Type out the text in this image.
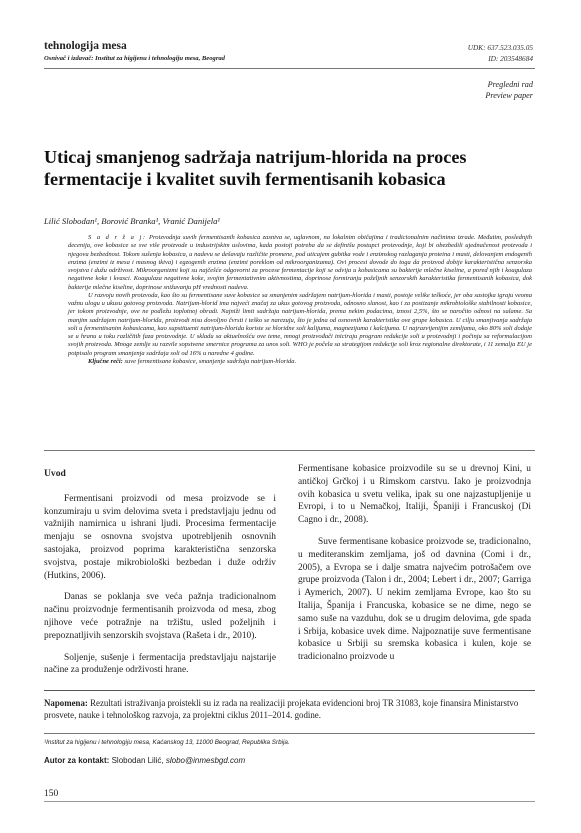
tehnologija mesa
Osnivač i izdavač: Institut za higijenu i tehnologiju mesa, Beograd
UDK: 637.523.035.05
ID: 203548684
Pregledni rad
Preview paper
Uticaj smanjenog sadržaja natrijum-hlorida na proces fermentacije i kvalitet suvih fermentisanih kobasica
Lilić Slobodan¹, Borović Branka¹, Vranić Danijela¹

S a d r ž a j: Proizvodnja suvih fermentisanih kobasica zasniva se, uglavnom, na lokalnim običajima i tradicionalnim načinima izrade. Međutim, poslednjih decenija, ove kobasice se sve više proizvode u industrijskim uslovima, kada postoji potreba da se definišu postupci proizvodnje, koji bi obezbedili ujednačenost proizvoda i njegovu bezbednost. Tokom sušenja kobasica, u nadevu se dešavaju različite promene, pod uticajem gubitka vode i enzimskog razlaganja proteina i masti, delovanjem endogenih enzima (enzimi iz mesa i masnog tkiva) i egzogenih enzima (enzimi poreklom od mikroorganizama). Ovi procesi dovode do toga da proizvod dobije karakteristična senzorska svojstva i dužu održivost. Mikroorganizmi koji su najčešće odgovorni za procese fermentacije koji se odvija u kobasicama su bakterije mlečne kiseline, a pored njih i koagulaza negativne koke i kvasci. Koagulaza negativne koke, svojim fermentativnim aktivnostima, doprinose formiranju poželjnih senzorskih karakteristika fermentisanih kobasica, dok bakterije mlečne kiseline, doprinose snižavanju pH vrednosti nadeva.

U razvoju novih proizvoda, kao što su fermentisane suve kobasice sa smanjenim sadržajem natrijum-hlorida i masti, postoje velike teškoće, jer oba sastojka igraju veoma važnu ulogu u ukusu gotovog proizvoda. Natrijum-hlorid ima najveći značaj za ukus gotovog proizvoda, odnosno slanost, kao i za postizanje mikrobiološke stabilnosti kobasice, jer tokom proizvodnje, ove ne podležu toplotnoj obradi. Najniži limit sadržaja natrijum-hlorida, prema nekim podacima, iznosi 2,5%, što se naročito odnosi na salame. Sa manjim sadržajem natrijum-hlorida, proizvodi nisu dovoljno čvrsti i teško se narezuju, što je jedna od osnovnih karakteristika ove grupe kobasica. U cilju smanjivanja sadržaja soli u fermentisanim kobasicama, kao supstituenti natrijum-hlorida koriste se hloridne soli kalijuma, magnezijuma i kalcijuma. U najrazvijenijim zemljama, oko 80% soli dodaje se u hranu u toku različitih faza proizvodnje. U skladu sa aktuelnošću ove teme, mnogi proizvođači iniciraju program redukcije soli u proizvodnji i počinju sa reformulacijom svojih proizvoda. Mnoge zemlje su razvile sopstvene smernice programa za unos soli. WHO je počela sa strategijom redukcije soli kroz regionalne direktorate, i 11 zemalja EU je potpisalo program smanjenja sadržaja soli od 16% u naredne 4 godine.

Ključne reči: suve fermentisane kobasice, smanjenje sadržaja natrijum-hlorida.

Uvod

Fermentisani proizvodi od mesa proizvode se i konzumiraju u svim delovima sveta i predstavljaju jednu od važnijih namirnica u ishrani ljudi. Procesima fermentacije menjaju se osnovna svojstva upotrebljenih osnovnih sastojaka, proizvod poprima karakteristična senzorska svojstva, postaje mikrobiološki bezbedan i duže održiv (Hutkins, 2006).

Danas se poklanja sve veća pažnja tradicionalnom načinu proizvodnje fermentisanih proizvoda od mesa, zbog njihove veće potražnje na tržištu, usled poželjnih i prepoznatljivih senzorskih svojstava (Rašeta i dr., 2010).

Soljenje, sušenje i fermentacija predstavljaju najstarije načine za produženje održivosti hrane.

Fermentisane kobasice proizvodile su se u drevnoj Kini, u antičkoj Grčkoj i u Rimskom carstvu. Iako je proizvodnja ovih kobasica u svetu velika, ipak su one najzastupljenije u Evropi, i to u Nemačkoj, Italiji, Španiji i Francuskoj (Di Cagno i dr., 2008).

Suve fermentisane kobasice proizvode se, tradicionalno, u mediteranskim zemljama, još od davnina (Comi i dr., 2005), a Evropa se i dalje smatra najvećim potrošačem ove grupe proizvoda (Talon i dr., 2004; Lebert i dr., 2007; Garriga i Aymerich, 2007). U nekim zemljama Evrope, kao što su Italija, Španija i Francuska, kobasice se ne dime, nego se samo suše na vazduhu, dok se u drugim delovima, gde spada i Srbija, kobasice uvek dime. Najpoznatije suve fermentisane kobasice u Srbiji su sremska kobasica i kulen, koje se tradicionalno proizvode u

Napomena: Rezultati istraživanja proistekli su iz rada na realizaciji projekata evidencioni broj TR 31083, koje finansira Ministarstvo prosvete, nauke i tehnološkog razvoja, za projektni ciklus 2011–2014. godine.
¹Institut za higijenu i tehnologiju mesa, Kaćanskog 13, 11000 Beograd, Republika Srbija.
Autor za kontakt: Slobodan Lilić, slobo@inmesbgd.com
150
